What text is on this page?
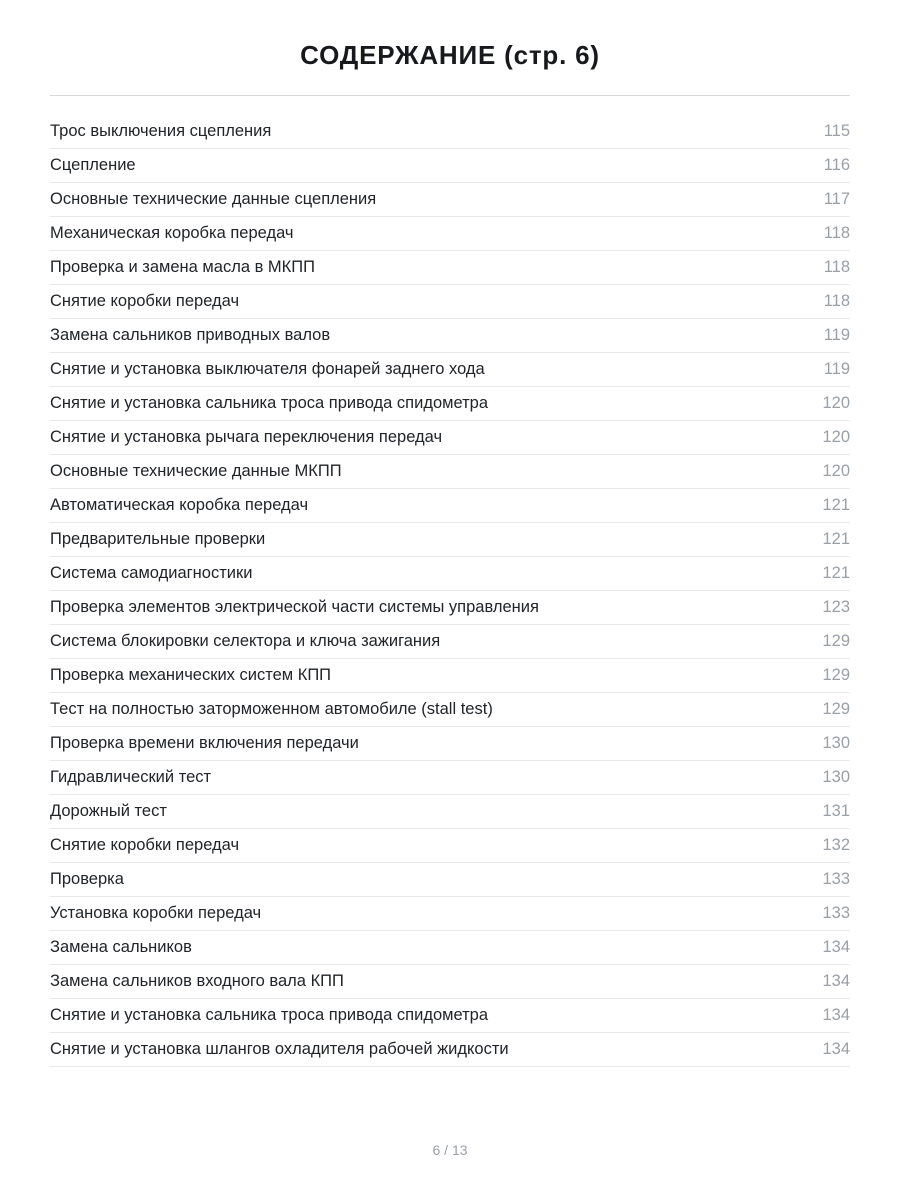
СОДЕРЖАНИЕ (стр. 6)
Трос выключения сцепления	115
Сцепление	116
Основные технические данные сцепления	117
Механическая коробка передач	118
Проверка и замена масла в МКПП	118
Снятие коробки передач	118
Замена сальников приводных валов	119
Снятие и установка выключателя фонарей заднего хода	119
Снятие и установка сальника троса привода спидометра	120
Снятие и установка рычага переключения передач	120
Основные технические данные МКПП	120
Автоматическая коробка передач	121
Предварительные проверки	121
Система самодиагностики	121
Проверка элементов электрической части системы управления	123
Система блокировки селектора и ключа зажигания	129
Проверка механических систем КПП	129
Тест на полностью заторможенном автомобиле (stall test)	129
Проверка времени включения передачи	130
Гидравлический тест	130
Дорожный тест	131
Снятие коробки передач	132
Проверка	133
Установка коробки передач	133
Замена сальников	134
Замена сальников входного вала КПП	134
Снятие и установка сальника троса привода спидометра	134
Снятие и установка шлангов охладителя рабочей жидкости	134
6 / 13
